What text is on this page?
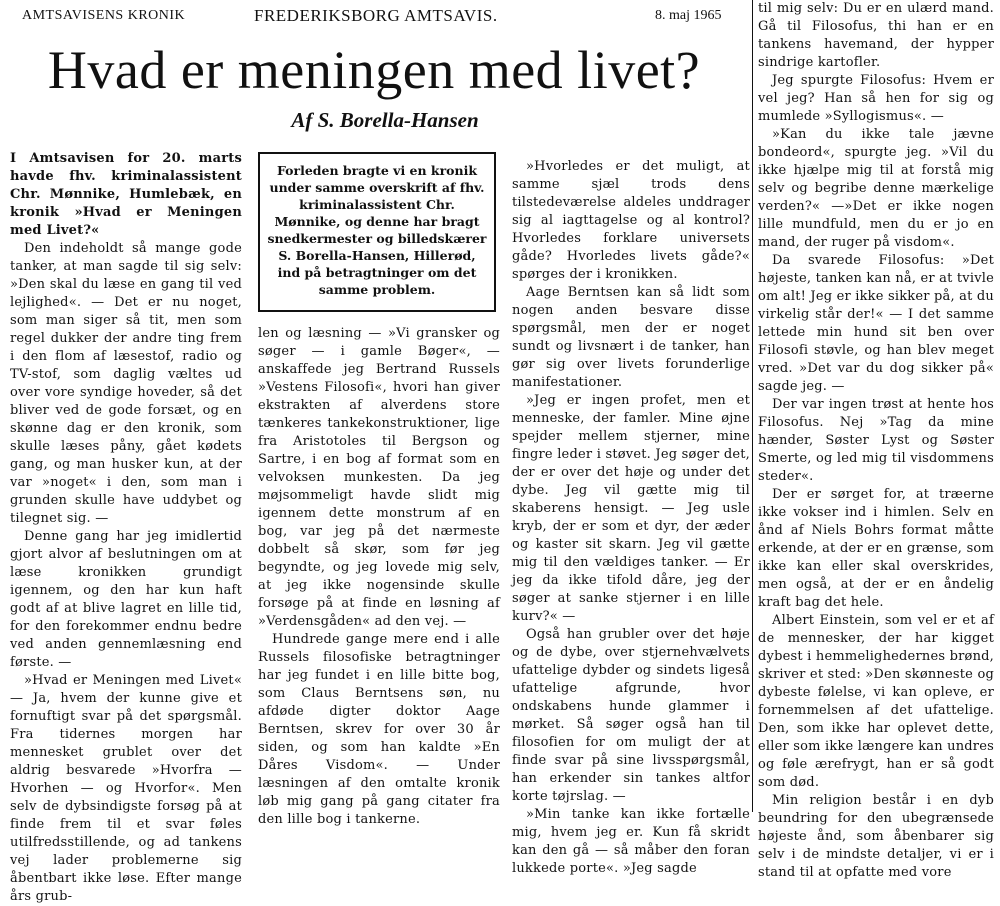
AMTSAVISENS KRONIK	FREDERIKSBORG AMTSAVIS.	8. maj 1965
Hvad er meningen med livet?
Af S. Borella-Hansen

I Amtsavisen for 20. marts havde fhv. kriminalassistent Chr. Mønnike, Humlebæk, en kronik »Hvad er Meningen med Livet?«

Den indeholdt så mange gode tanker, at man sagde til sig selv: »Den skal du læse en gang til ved lejlighed«. — Det er nu noget, som man siger så tit, men som regel dukker der andre ting frem i den flom af læsestof, radio og TV-stof, som daglig væltes ud over vore syndige hoveder, så det bliver ved de gode forsæt, og en skønne dag er den kronik, som skulle læses påny, gået kødets gang, og man husker kun, at der var »noget« i den, som man i grunden skulle have uddybet og tilegnet sig. —

Denne gang har jeg imidlertid gjort alvor af beslutningen om at læse kronikken grundigt igennem, og den har kun haft godt af at blive lagret en lille tid, for den forekommer endnu bedre ved anden gennemlæsning end første. —

»Hvad er Meningen med Livet« — Ja, hvem der kunne give et fornuftigt svar på det spørgsmål. Fra tidernes morgen har mennesket grublet over det aldrig besvarede »Hvorfra — Hvorhen — og Hvorfor«. Men selv de dybsindigste forsøg på at finde frem til et svar føles utilfredsstillende, og ad tankens vej lader problemerne sig åbentbart ikke løse. Efter mange års grub-

Forleden bragte vi en kronik under samme overskrift af fhv. kriminalassistent Chr. Mønnike, og denne har bragt snedkermester og billedskærer S. Borella-Hansen, Hillerød, ind på betragtninger om det samme problem.

len og læsning — »Vi gransker og søger — i gamle Bøger«, — anskaffede jeg Bertrand Russels »Vestens Filosofi«, hvori han giver ekstrakten af alverdens store tænkeres tankekonstruktioner, lige fra Aristotoles til Bergson og Sartre, i en bog af format som en velvoksen munkesten. Da jeg møjsommeligt havde slidt mig igennem dette monstrum af en bog, var jeg på det nærmeste dobbelt så skør, som før jeg begyndte, og jeg lovede mig selv, at jeg ikke nogensinde skulle forsøge på at finde en løsning af »Verdensgåden« ad den vej. —

Hundrede gange mere end i alle Russels filosofiske betragtninger har jeg fundet i en lille bitte bog, som Claus Berntsens søn, nu afdøde digter doktor Aage Berntsen, skrev for over 30 år siden, og som han kaldte »En Dåres Visdom«. — Under læsningen af den omtalte kronik løb mig gang på gang citater fra den lille bog i tankerne.

»Hvorledes er det muligt, at samme sjæl trods dens tilstedeværelse aldeles unddrager sig al iagttagelse og al kontrol? Hvorledes forklare universets gåde? Hvorledes livets gåde?« spørges der i kronikken.

Aage Berntsen kan så lidt som nogen anden besvare disse spørgsmål, men der er noget sundt og livsnært i de tanker, han gør sig over livets forunderlige manifestationer.

»Jeg er ingen profet, men et menneske, der famler. Mine øjne spejder mellem stjerner, mine fingre leder i støvet. Jeg søger det, der er over det høje og under det dybe. Jeg vil gætte mig til skaberens hensigt. — Jeg usle kryb, der er som et dyr, der æder og kaster sit skarn. Jeg vil gætte mig til den vældiges tanker. — Er jeg da ikke tifold dåre, jeg der søger at sanke stjerner i en lille kurv?« —

Også han grubler over det høje og de dybe, over stjernehvælvets ufattelige dybder og sindets ligeså ufattelige afgrunde, hvor ondskabens hunde glammer i mørket. Så søger også han til filosofien for om muligt der at finde svar på sine livsspørgsmål, han erkender sin tankes altfor korte tøjrslag. —

»Min tanke kan ikke fortælle mig, hvem jeg er. Kun få skridt kan den gå — så måber den foran lukkede porte«. »Jeg sagde

til mig selv: Du er en ulærd mand. Gå til Filosofus, thi han er en tankens havemand, der hypper sindrige kartofler.

Jeg spurgte Filosofus: Hvem er vel jeg? Han så hen for sig og mumlede »Syllogismus«. —

»Kan du ikke tale jævne bondeord«, spurgte jeg. »Vil du ikke hjælpe mig til at forstå mig selv og begribe denne mærkelige verden?« —»Det er ikke nogen lille mundfuld, men du er jo en mand, der ruger på visdom«.

Da svarede Filosofus: »Det højeste, tanken kan nå, er at tvivle om alt! Jeg er ikke sikker på, at du virkelig står der!« — I det samme lettede min hund sit ben over Filosofi støvle, og han blev meget vred. »Det var du dog sikker på« sagde jeg. —

Der var ingen trøst at hente hos Filosofus. Nej »Tag da mine hænder, Søster Lyst og Søster Smerte, og led mig til visdommens steder«.

Der er sørget for, at træerne ikke vokser ind i himlen. Selv en ånd af Niels Bohrs format måtte erkende, at der er en grænse, som ikke kan eller skal overskrides, men også, at der er en åndelig kraft bag det hele.

Albert Einstein, som vel er et af de mennesker, der har kigget dybest i hemmelighedernes brønd, skriver et sted: »Den skønneste og dybeste følelse, vi kan opleve, er fornemmelsen af det ufattelige. Den, som ikke har oplevet dette, eller som ikke længere kan undres og føle ærefrygt, han er så godt som død.

Min religion består i en dyb beundring for den ubegrænsede højeste ånd, som åbenbarer sig selv i de mindste detaljer, vi er i stand til at opfatte med vore
